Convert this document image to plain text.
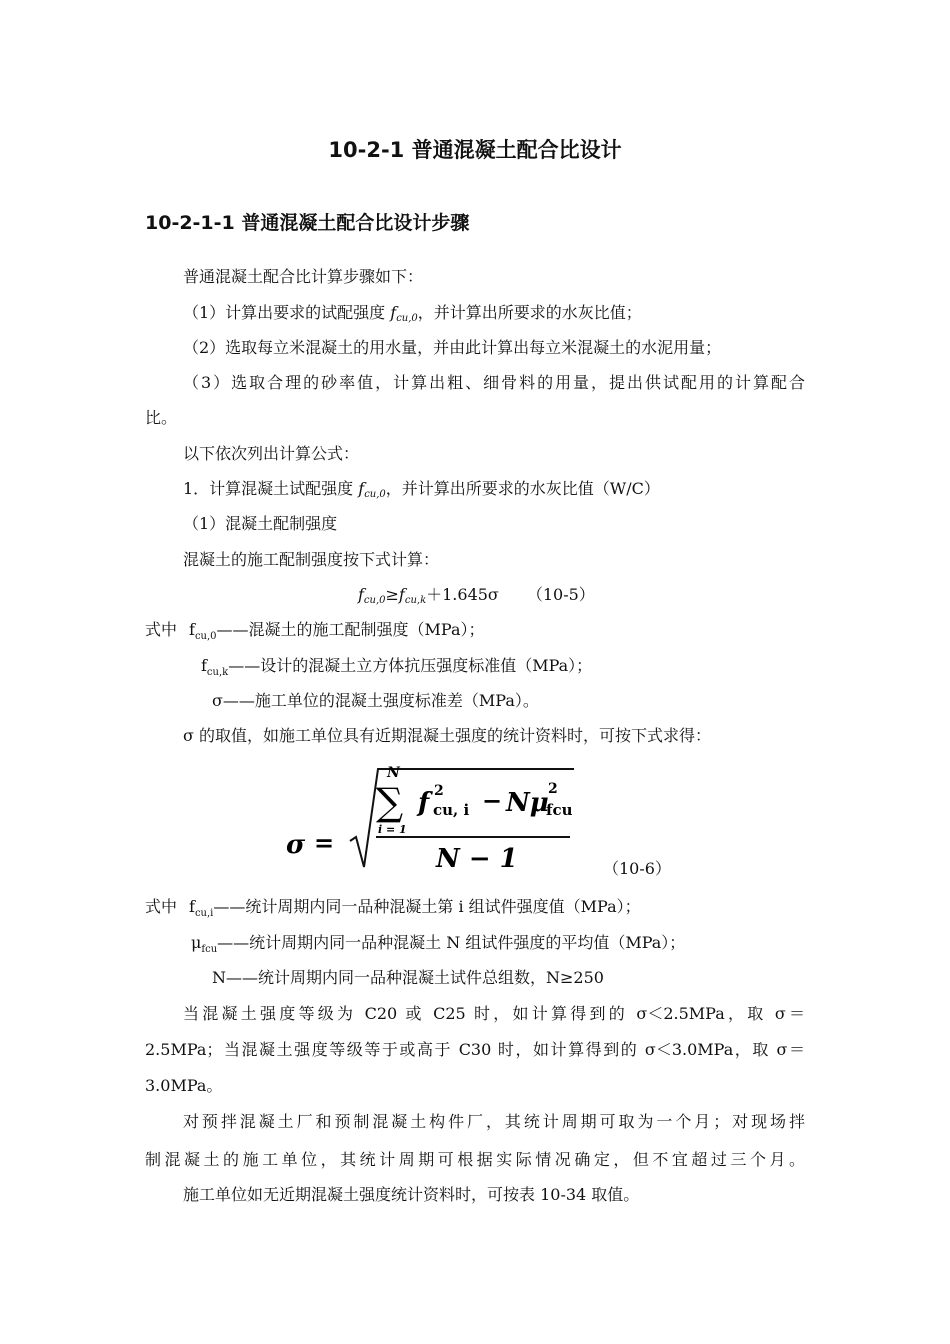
10-2-1 普通混凝土配合比设计
10-2-1-1 普通混凝土配合比设计步骤
普通混凝土配合比计算步骤如下：
（1）计算出要求的试配强度 $f_{cu,0}$，并计算出所要求的水灰比值；
（2）选取每立米混凝土的用水量，并由此计算出每立米混凝土的水泥用量；
（3）选取合理的砂率值，计算出粗、细骨料的用量，提出供试配用的计算配合
比。
以下依次列出计算公式：
1．计算混凝土试配强度 $f_{cu,0}$，并计算出所要求的水灰比值（W/C）
（1）混凝土配制强度
混凝土的施工配制强度按下式计算：
$f_{cu,0}\ge f_{cu,k}+1.645\sigma$ （10-5）
式中 $f_{cu,0}——$混凝土的施工配制强度（MPa）；
$f_{cu,k}——$设计的混凝土立方体抗压强度标准值（MPa）；
σ——施工单位的混凝土强度标准差（MPa）。
σ 的取值，如施工单位具有近期混凝土强度的统计资料时，可按下式求得：
σ =
N
∑
i = 1
f 2
cu, i − Nμ 2
fcu
N − 1	（10-6）
式中 $f_{cu,i}——$统计周期内同一品种混凝土第 i 组试件强度值（MPa）；
$\mu_{fcu}——$统计周期内同一品种混凝土 N 组试件强度的平均值（MPa）；
N——统计周期内同一品种混凝土试件总组数，N≥250
当混凝土强度等级为 C20 或 C25 时，如计算得到的 σ＜2.5MPa，取 σ＝
2.5MPa；当混凝土强度等级等于或高于 C30 时，如计算得到的 σ＜3.0MPa，取 σ＝
3.0MPa。
对预拌混凝土厂和预制混凝土构件厂，其统计周期可取为一个月；对现场拌
制混凝土的施工单位，其统计周期可根据实际情况确定，但不宜超过三个月。
施工单位如无近期混凝土强度统计资料时，可按表 10-34 取值。
